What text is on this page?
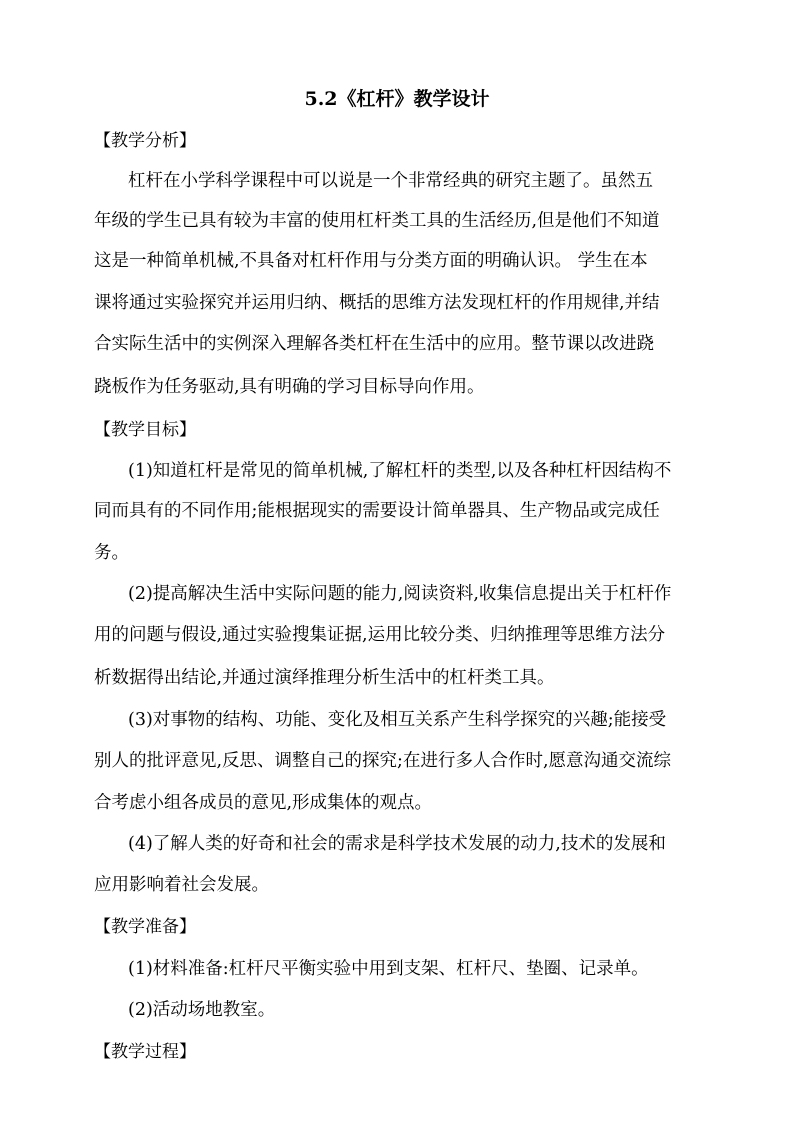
5.2《杠杆》教学设计
【教学分析】
杠杆在小学科学课程中可以说是一个非常经典的研究主题了。虽然五
年级的学生已具有较为丰富的使用杠杆类工具的生活经历,但是他们不知道
这是一种简单机械,不具备对杠杆作用与分类方面的明确认识。 学生在本
课将通过实验探究并运用归纳、概括的思维方法发现杠杆的作用规律,并结
合实际生活中的实例深入理解各类杠杆在生活中的应用。整节课以改进跷
跷板作为任务驱动,具有明确的学习目标导向作用。
【教学目标】
(1)知道杠杆是常见的简单机械,了解杠杆的类型,以及各种杠杆因结构不
同而具有的不同作用;能根据现实的需要设计简单器具、生产物品或完成任
务。
(2)提高解决生活中实际问题的能力,阅读资料,收集信息提出关于杠杆作
用的问题与假设,通过实验搜集证据,运用比较分类、归纳推理等思维方法分
析数据得出结论,并通过演绎推理分析生活中的杠杆类工具。
(3)对事物的结构、功能、变化及相互关系产生科学探究的兴趣;能接受
别人的批评意见,反思、调整自己的探究;在进行多人合作时,愿意沟通交流综
合考虑小组各成员的意见,形成集体的观点。
(4)了解人类的好奇和社会的需求是科学技术发展的动力,技术的发展和
应用影响着社会发展。
【教学准备】
(1)材料准备:杠杆尺平衡实验中用到支架、杠杆尺、垫圈、记录单。
(2)活动场地教室。
【教学过程】
